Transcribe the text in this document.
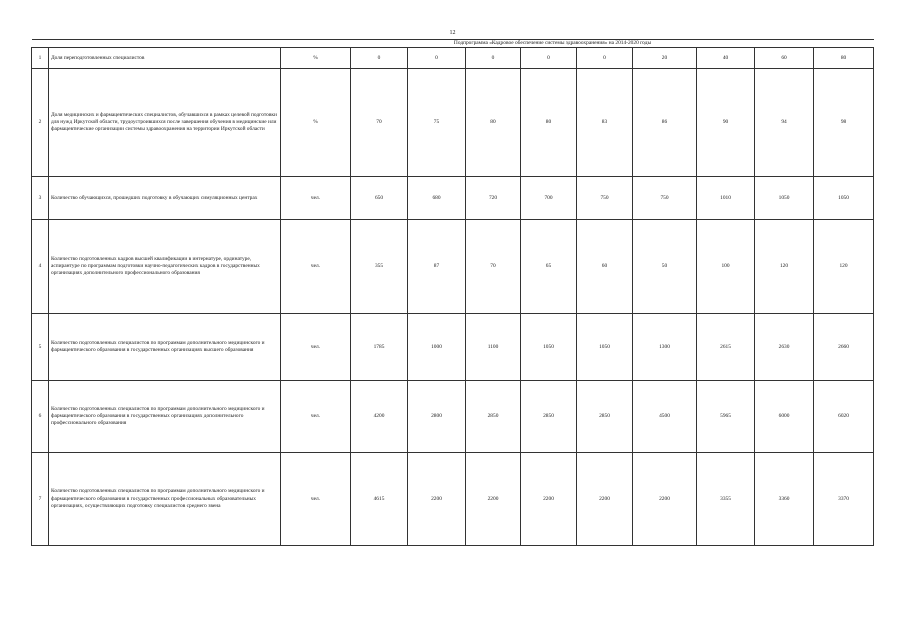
12
			Подпрограмма «Кадровое обеспечение системы здравоохранения» на 2014-2020 годы								
1	Доля переподготовленных специалистов	%	0	0	0	0	0	20	40	60	80
2	Доля медицинских и фармацевтических специалистов, обучавшихся в рамках целевой подготовки для нужд Иркутской области, трудоустроившихся после завершения обучения в медицинские или фармацевтические организации системы здравоохранения на территории Иркутской области	%	70	75	80	80	83	86	90	94	98
3	Количество обучающихся, прошедших подготовку в обучающих симуляционных центрах	чел.	650	680	720	700	750	750	1010	1050	1050
4	Количество подготовленных кадров высшей квалификации в интернатуре, ординатуре, аспирантуре по программам подготовки научно-педагогических кадров в государственных организациях дополнительного профессионального образования	чел.	355	87	70	65	60	50	100	120	120
5	Количество подготовленных специалистов по программам дополнительного медицинского и фармацевтического образования в государственных организациях высшего образования	чел.	1785	1000	1100	1050	1050	1300	2615	2630	2660
6	Количество подготовленных специалистов по программам дополнительного медицинского и фармацевтического образования в государственных организациях дополнительного профессионального образования	чел.	4200	2800	2850	2850	2850	4500	5965	6000	6020
7	Количество подготовленных специалистов по программам дополнительного медицинского и фармацевтического образования в государственных профессиональных образовательных организациях, осуществляющих подготовку специалистов среднего звена	чел.	4615	2200	2200	2200	2200	2200	3355	3360	3370
